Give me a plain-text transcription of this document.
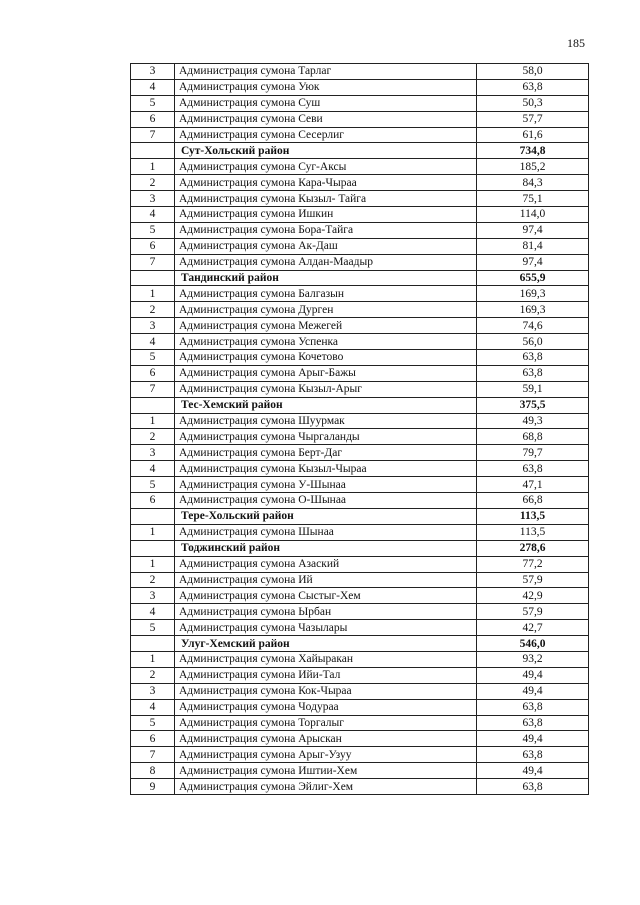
185
3	Администрация сумона Тарлаг	58,0
4	Администрация сумона Уюк	63,8
5	Администрация сумона Суш	50,3
6	Администрация сумона Севи	57,7
7	Администрация сумона Сесерлиг	61,6
	Сут-Хольский район	734,8
1	Администрация сумона Суг-Аксы	185,2
2	Администрация сумона Кара-Чыраа	84,3
3	Администрация сумона Кызыл- Тайга	75,1
4	Администрация сумона Ишкин	114,0
5	Администрация сумона Бора-Тайга	97,4
6	Администрация сумона Ак-Даш	81,4
7	Администрация сумона Алдан-Маадыр	97,4
	Тандинский район	655,9
1	Администрация сумона Балгазын	169,3
2	Администрация сумона Дурген	169,3
3	Администрация сумона Межегей	74,6
4	Администрация сумона Успенка	56,0
5	Администрация сумона Кочетово	63,8
6	Администрация сумона Арыг-Бажы	63,8
7	Администрация сумона Кызыл-Арыг	59,1
	Тес-Хемский район	375,5
1	Администрация сумона Шуурмак	49,3
2	Администрация сумона Чыргаланды	68,8
3	Администрация сумона Берт-Даг	79,7
4	Администрация сумона Кызыл-Чыраа	63,8
5	Администрация сумона У-Шынаа	47,1
6	Администрация сумона О-Шынаа	66,8
	Тере-Хольский район	113,5
1	Администрация сумона Шынаа	113,5
	Тоджинский район	278,6
1	Администрация сумона Азаский	77,2
2	Администрация сумона Ий	57,9
3	Администрация сумона Сыстыг-Хем	42,9
4	Администрация сумона Ырбан	57,9
5	Администрация сумона Чазылары	42,7
	Улуг-Хемский район	546,0
1	Администрация сумона Хайыракан	93,2
2	Администрация сумона Ийи-Тал	49,4
3	Администрация сумона Кок-Чыраа	49,4
4	Администрация сумона Чодураа	63,8
5	Администрация сумона Торгалыг	63,8
6	Администрация сумона Арыскан	49,4
7	Администрация сумона Арыг-Узуу	63,8
8	Администрация сумона Иштии-Хем	49,4
9	Администрация сумона Эйлиг-Хем	63,8
